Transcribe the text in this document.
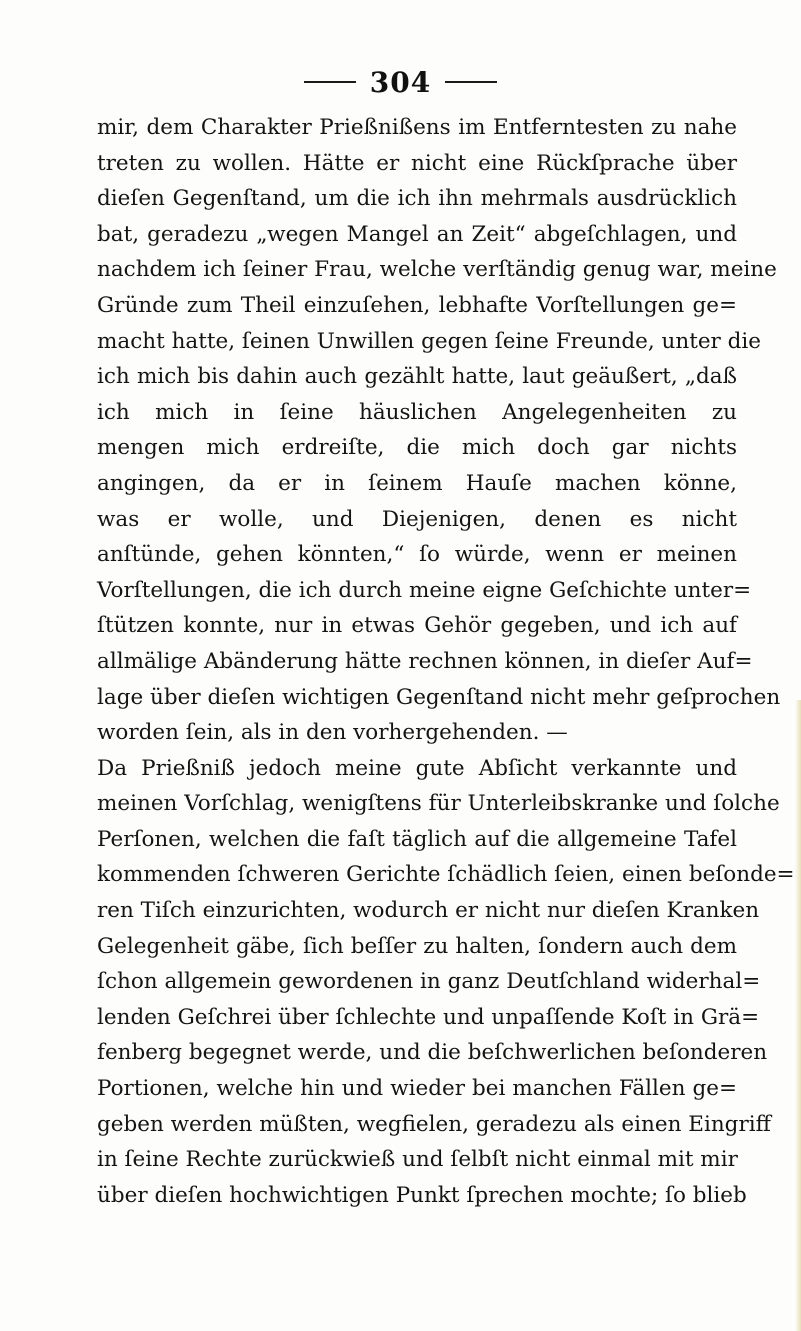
304
mir, dem Charakter Prießnißens im Entferntesten zu nahe
treten zu wollen. Hätte er nicht eine Rückſprache über
dieſen Gegenſtand, um die ich ihn mehrmals ausdrücklich
bat, geradezu „wegen Mangel an Zeit“ abgeſchlagen, und
nachdem ich ſeiner Frau, welche verſtändig genug war, meine
Gründe zum Theil einzuſehen, lebhafte Vorſtellungen ge=
macht hatte, ſeinen Unwillen gegen ſeine Freunde, unter die
ich mich bis dahin auch gezählt hatte, laut geäußert, „daß
ich mich in ſeine häuslichen Angelegenheiten zu
mengen mich erdreiſte, die mich doch gar nichts
angingen, da er in ſeinem Hauſe machen könne,
was er wolle, und Diejenigen, denen es nicht
anſtünde, gehen könnten,“ ſo würde, wenn er meinen
Vorſtellungen, die ich durch meine eigne Geſchichte unter=
ſtützen konnte, nur in etwas Gehör gegeben, und ich auf
allmälige Abänderung hätte rechnen können, in dieſer Auf=
lage über dieſen wichtigen Gegenſtand nicht mehr geſprochen
worden ſein, als in den vorhergehenden. —
Da Prießniß jedoch meine gute Abſicht verkannte und
meinen Vorſchlag, wenigſtens für Unterleibskranke und ſolche
Perſonen, welchen die faſt täglich auf die allgemeine Tafel
kommenden ſchweren Gerichte ſchädlich ſeien, einen beſonde=
ren Tiſch einzurichten, wodurch er nicht nur dieſen Kranken
Gelegenheit gäbe, ſich beſſer zu halten, ſondern auch dem
ſchon allgemein gewordenen in ganz Deutſchland widerhal=
lenden Geſchrei über ſchlechte und unpaſſende Koſt in Grä=
fenberg begegnet werde, und die beſchwerlichen beſonderen
Portionen, welche hin und wieder bei manchen Fällen ge=
geben werden müßten, wegfielen, geradezu als einen Eingriff
in ſeine Rechte zurückwieß und ſelbſt nicht einmal mit mir
über dieſen hochwichtigen Punkt ſprechen mochte; ſo blieb
